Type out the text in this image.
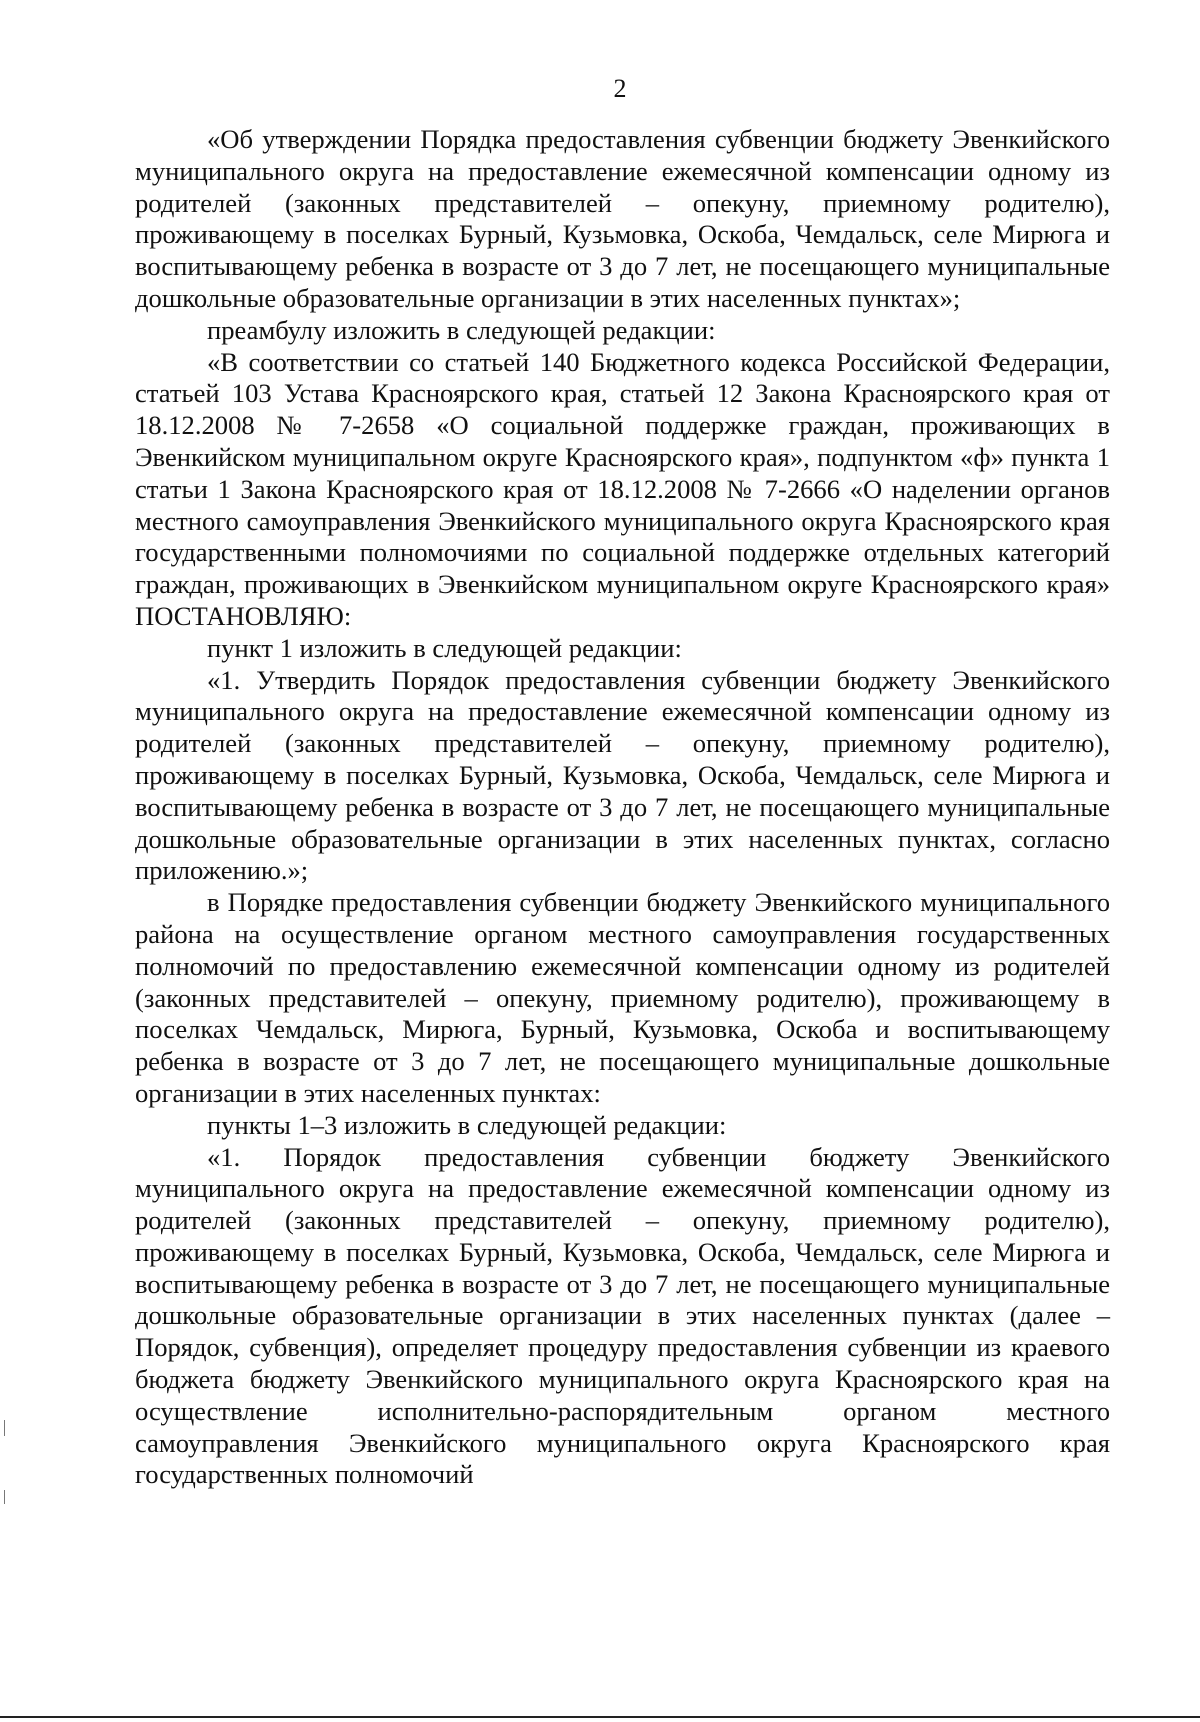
2

«Об утверждении Порядка предоставления субвенции бюджету Эвенкийского муниципального округа на предоставление ежемесячной компенсации одному из родителей (законных представителей – опекуну, приемному родителю), проживающему в поселках Бурный, Кузьмовка, Оскоба, Чемдальск, селе Мирюга и воспитывающему ребенка в возрасте от 3 до 7 лет, не посещающего муниципальные дошкольные образовательные организации в этих населенных пунктах»;

преамбулу изложить в следующей редакции:

«В соответствии со статьей 140 Бюджетного кодекса Российской Федерации, статьей 103 Устава Красноярского края, статьей 12 Закона Красноярского края от 18.12.2008 № 7-2658 «О социальной поддержке граждан, проживающих в Эвенкийском муниципальном округе Красноярского края», подпунктом «ф» пункта 1 статьи 1 Закона Красноярского края от 18.12.2008 № 7-2666 «О наделении органов местного самоуправления Эвенкийского муниципального округа Красноярского края государственными полномочиями по социальной поддержке отдельных категорий граждан, проживающих в Эвенкийском муниципальном округе Красноярского края» ПОСТАНОВЛЯЮ:

пункт 1 изложить в следующей редакции:

«1. Утвердить Порядок предоставления субвенции бюджету Эвенкийского муниципального округа на предоставление ежемесячной компенсации одному из родителей (законных представителей – опекуну, приемному родителю), проживающему в поселках Бурный, Кузьмовка, Оскоба, Чемдальск, селе Мирюга и воспитывающему ребенка в возрасте от 3 до 7 лет, не посещающего муниципальные дошкольные образовательные организации в этих населенных пунктах, согласно приложению.»;

в Порядке предоставления субвенции бюджету Эвенкийского муниципального района на осуществление органом местного самоуправления государственных полномочий по предоставлению ежемесячной компенсации одному из родителей (законных представителей – опекуну, приемному родителю), проживающему в поселках Чемдальск, Мирюга, Бурный, Кузьмовка, Оскоба и воспитывающему ребенка в возрасте от 3 до 7 лет, не посещающего муниципальные дошкольные организации в этих населенных пунктах:

пункты 1–3 изложить в следующей редакции:

«1. Порядок предоставления субвенции бюджету Эвенкийского муниципального округа на предоставление ежемесячной компенсации одному из родителей (законных представителей – опекуну, приемному родителю), проживающему в поселках Бурный, Кузьмовка, Оскоба, Чемдальск, селе Мирюга и воспитывающему ребенка в возрасте от 3 до 7 лет, не посещающего муниципальные дошкольные образовательные организации в этих населенных пунктах (далее – Порядок, субвенция), определяет процедуру предоставления субвенции из краевого бюджета бюджету Эвенкийского муниципального округа Красноярского края на осуществление исполнительно-распорядительным органом местного самоуправления Эвенкийского муниципального округа Красноярского края государственных полномочий
